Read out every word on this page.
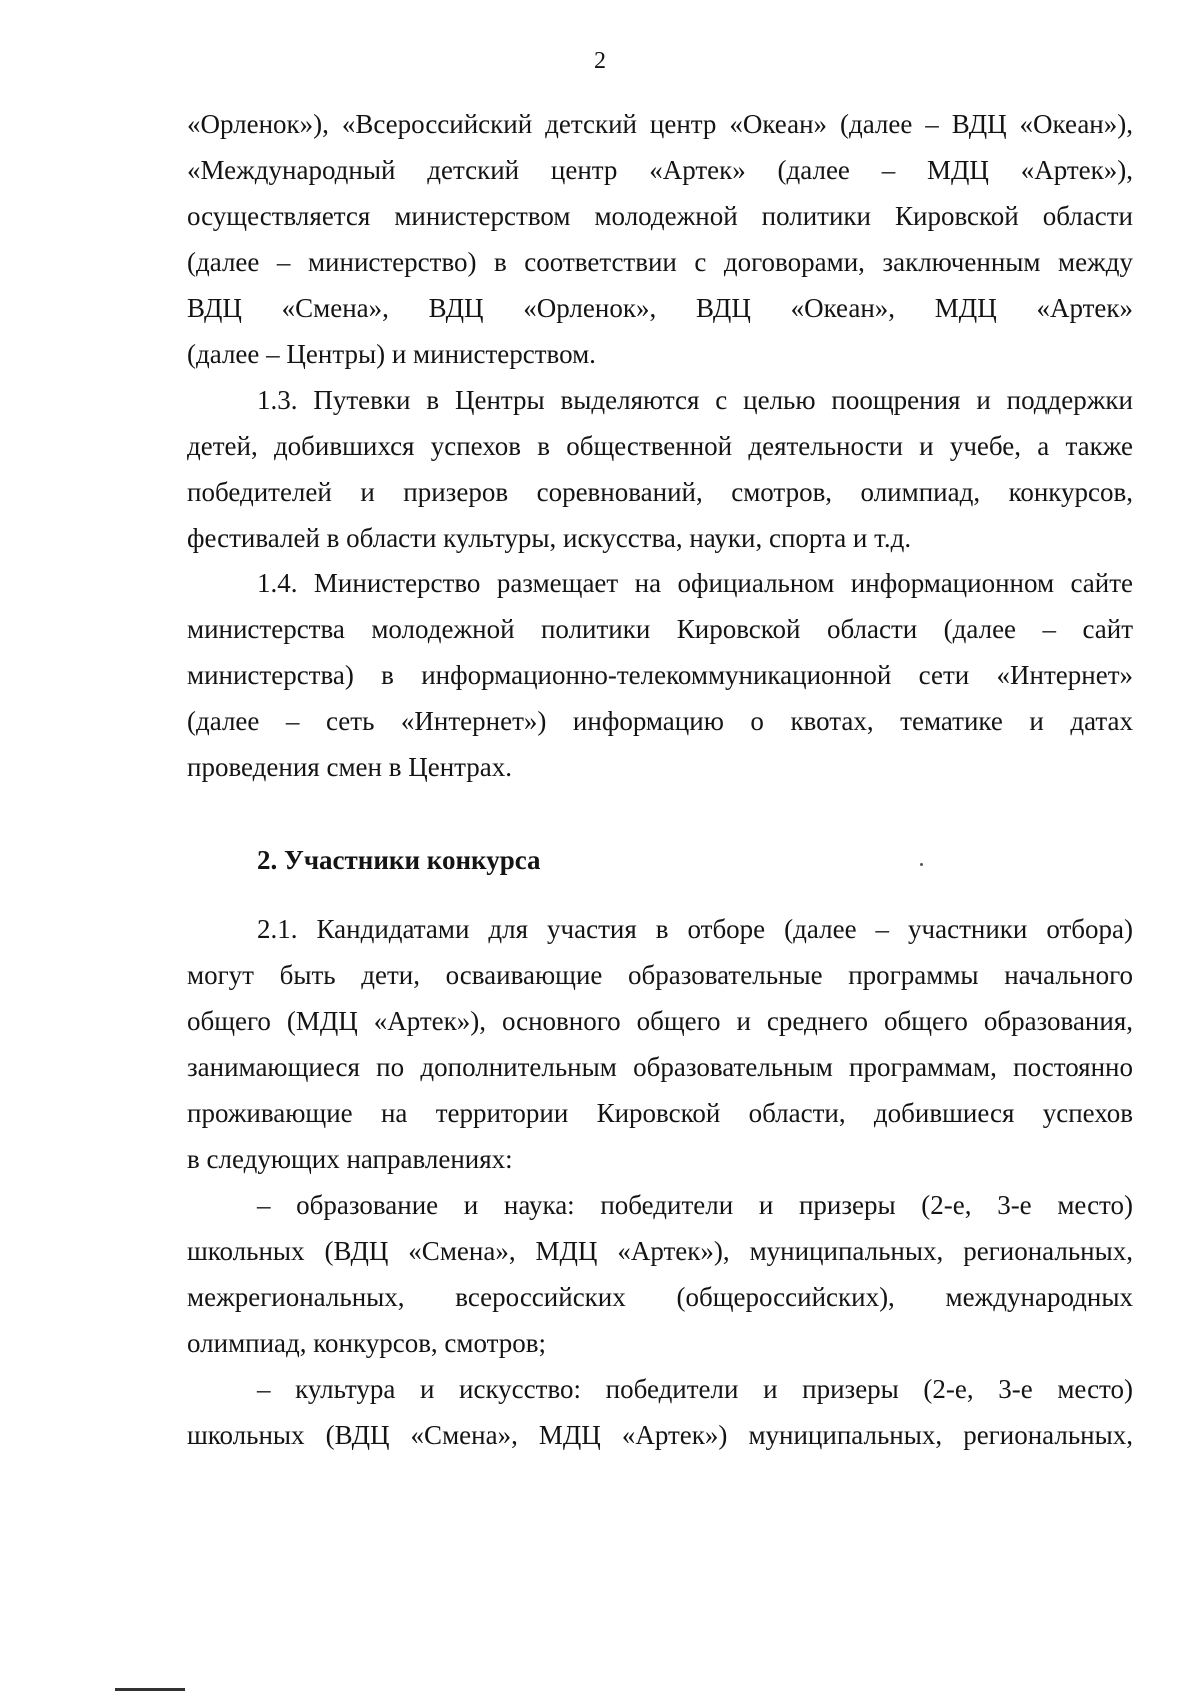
2
«Орленок»), «Всероссийский детский центр «Океан» (далее – ВДЦ «Океан»),
«Международный детский центр «Артек» (далее – МДЦ «Артек»),
осуществляется министерством молодежной политики Кировской области
(далее – министерство) в соответствии с договорами, заключенным между
ВДЦ «Смена», ВДЦ «Орленок», ВДЦ «Океан», МДЦ «Артек»
(далее – Центры) и министерством.
1.3. Путевки в Центры выделяются с целью поощрения и поддержки
детей, добившихся успехов в общественной деятельности и учебе, а также
победителей и призеров соревнований, смотров, олимпиад, конкурсов,
фестивалей в области культуры, искусства, науки, спорта и т.д.
1.4. Министерство размещает на официальном информационном сайте
министерства молодежной политики Кировской области (далее – сайт
министерства) в информационно-телекоммуникационной сети «Интернет»
(далее – сеть «Интернет») информацию о квотах, тематике и датах
проведения смен в Центрах.
2. Участники конкурса
2.1. Кандидатами для участия в отборе (далее – участники отбора)
могут быть дети, осваивающие образовательные программы начального
общего (МДЦ «Артек»), основного общего и среднего общего образования,
занимающиеся по дополнительным образовательным программам, постоянно
проживающие на территории Кировской области, добившиеся успехов
в следующих направлениях:
– образование и наука: победители и призеры (2-е, 3-е место)
школьных (ВДЦ «Смена», МДЦ «Артек»), муниципальных, региональных,
межрегиональных, всероссийских (общероссийских), международных
олимпиад, конкурсов, смотров;
– культура и искусство: победители и призеры (2-е, 3-е место)
школьных (ВДЦ «Смена», МДЦ «Артек») муниципальных, региональных,
